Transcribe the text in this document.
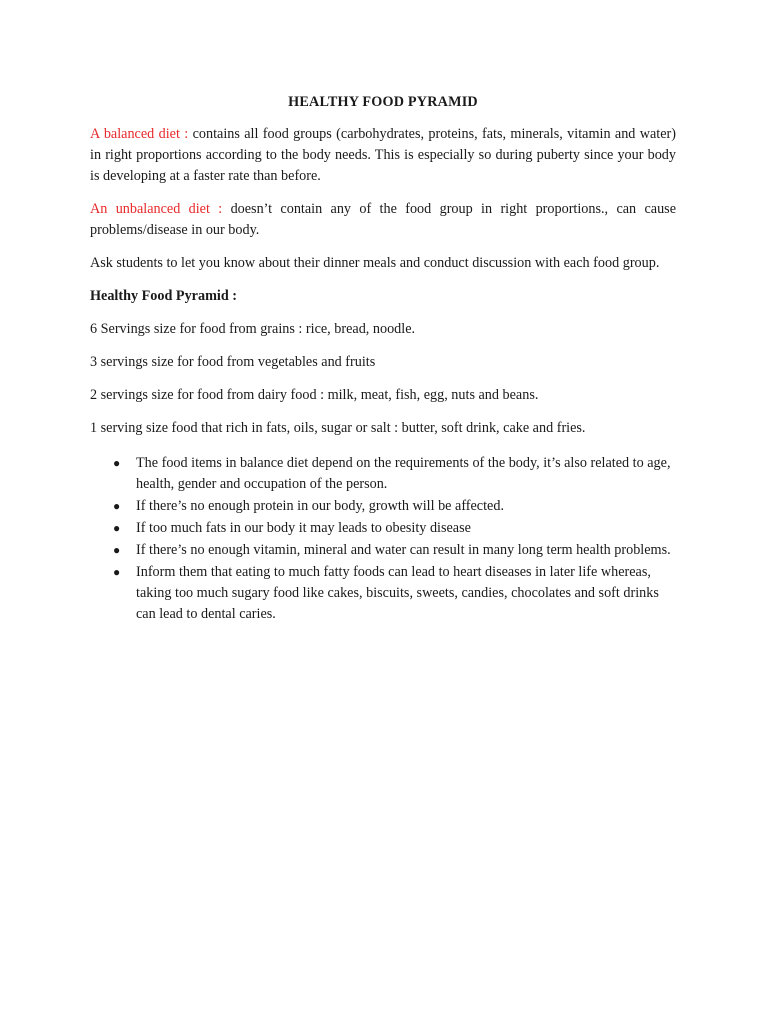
HEALTHY FOOD PYRAMID

A balanced diet : contains all food groups (carbohydrates, proteins, fats, minerals, vitamin and water) in right proportions according to the body needs. This is especially so during puberty since your body is developing at a faster rate than before.

An unbalanced diet : doesn’t contain any of the food group in right proportions., can cause problems/disease in our body.

Ask students to let you know about their dinner meals and conduct discussion with each food group.

Healthy Food Pyramid :

6 Servings size for food from grains : rice, bread, noodle.

3 servings size for food from vegetables and fruits

2 servings size for food from dairy food : milk, meat, fish, egg, nuts and beans.

1 serving size food that rich in fats, oils, sugar or salt : butter, soft drink, cake and fries.

● The food items in balance diet depend on the requirements of the body, it’s also related to age, health, gender and occupation of the person.
● If there’s no enough protein in our body, growth will be affected.
● If too much fats in our body it may leads to obesity disease
● If there’s no enough vitamin, mineral and water can result in many long term health problems.
● Inform them that eating to much fatty foods can lead to heart diseases in later life whereas, taking too much sugary food like cakes, biscuits, sweets, candies, chocolates and soft drinks can lead to dental caries.
